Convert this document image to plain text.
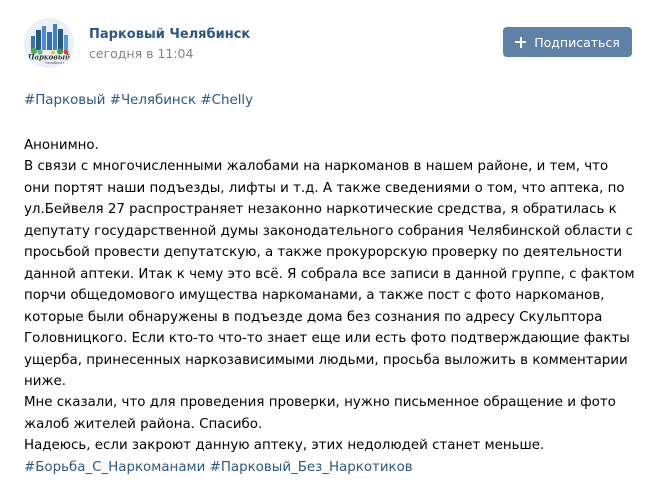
Парковый
Челябинск
Парковый Челябинск
сегодня в 11:04
Подписаться
#Парковый #Челябинск #Chelly
Анонимно.
В связи с многочисленными жалобами на наркоманов в нашем районе, и тем, что
они портят наши подъезды, лифты и т.д. А также сведениями о том, что аптека, по
ул.Бейвеля 27 распространяет незаконно наркотические средства, я обратилась к
депутату государственной думы законодательного собрания Челябинской области с
просьбой провести депутатскую, а также прокурорскую проверку по деятельности
данной аптеки. Итак к чему это всё. Я собрала все записи в данной группе, с фактом
порчи общедомового имущества наркоманами, а также пост с фото наркоманов,
которые были обнаружены в подъезде дома без сознания по адресу Скульптора
Головницкого. Если кто-то что-то знает еще или есть фото подтверждающие факты
ущерба, принесенных наркозависимыми людьми, просьба выложить в комментарии
ниже.
Мне сказали, что для проведения проверки, нужно письменное обращение и фото
жалоб жителей района. Спасибо.
Надеюсь, если закроют данную аптеку, этих недолюдей станет меньше.
#Борьба_С_Наркоманами #Парковый_Без_Наркотиков
